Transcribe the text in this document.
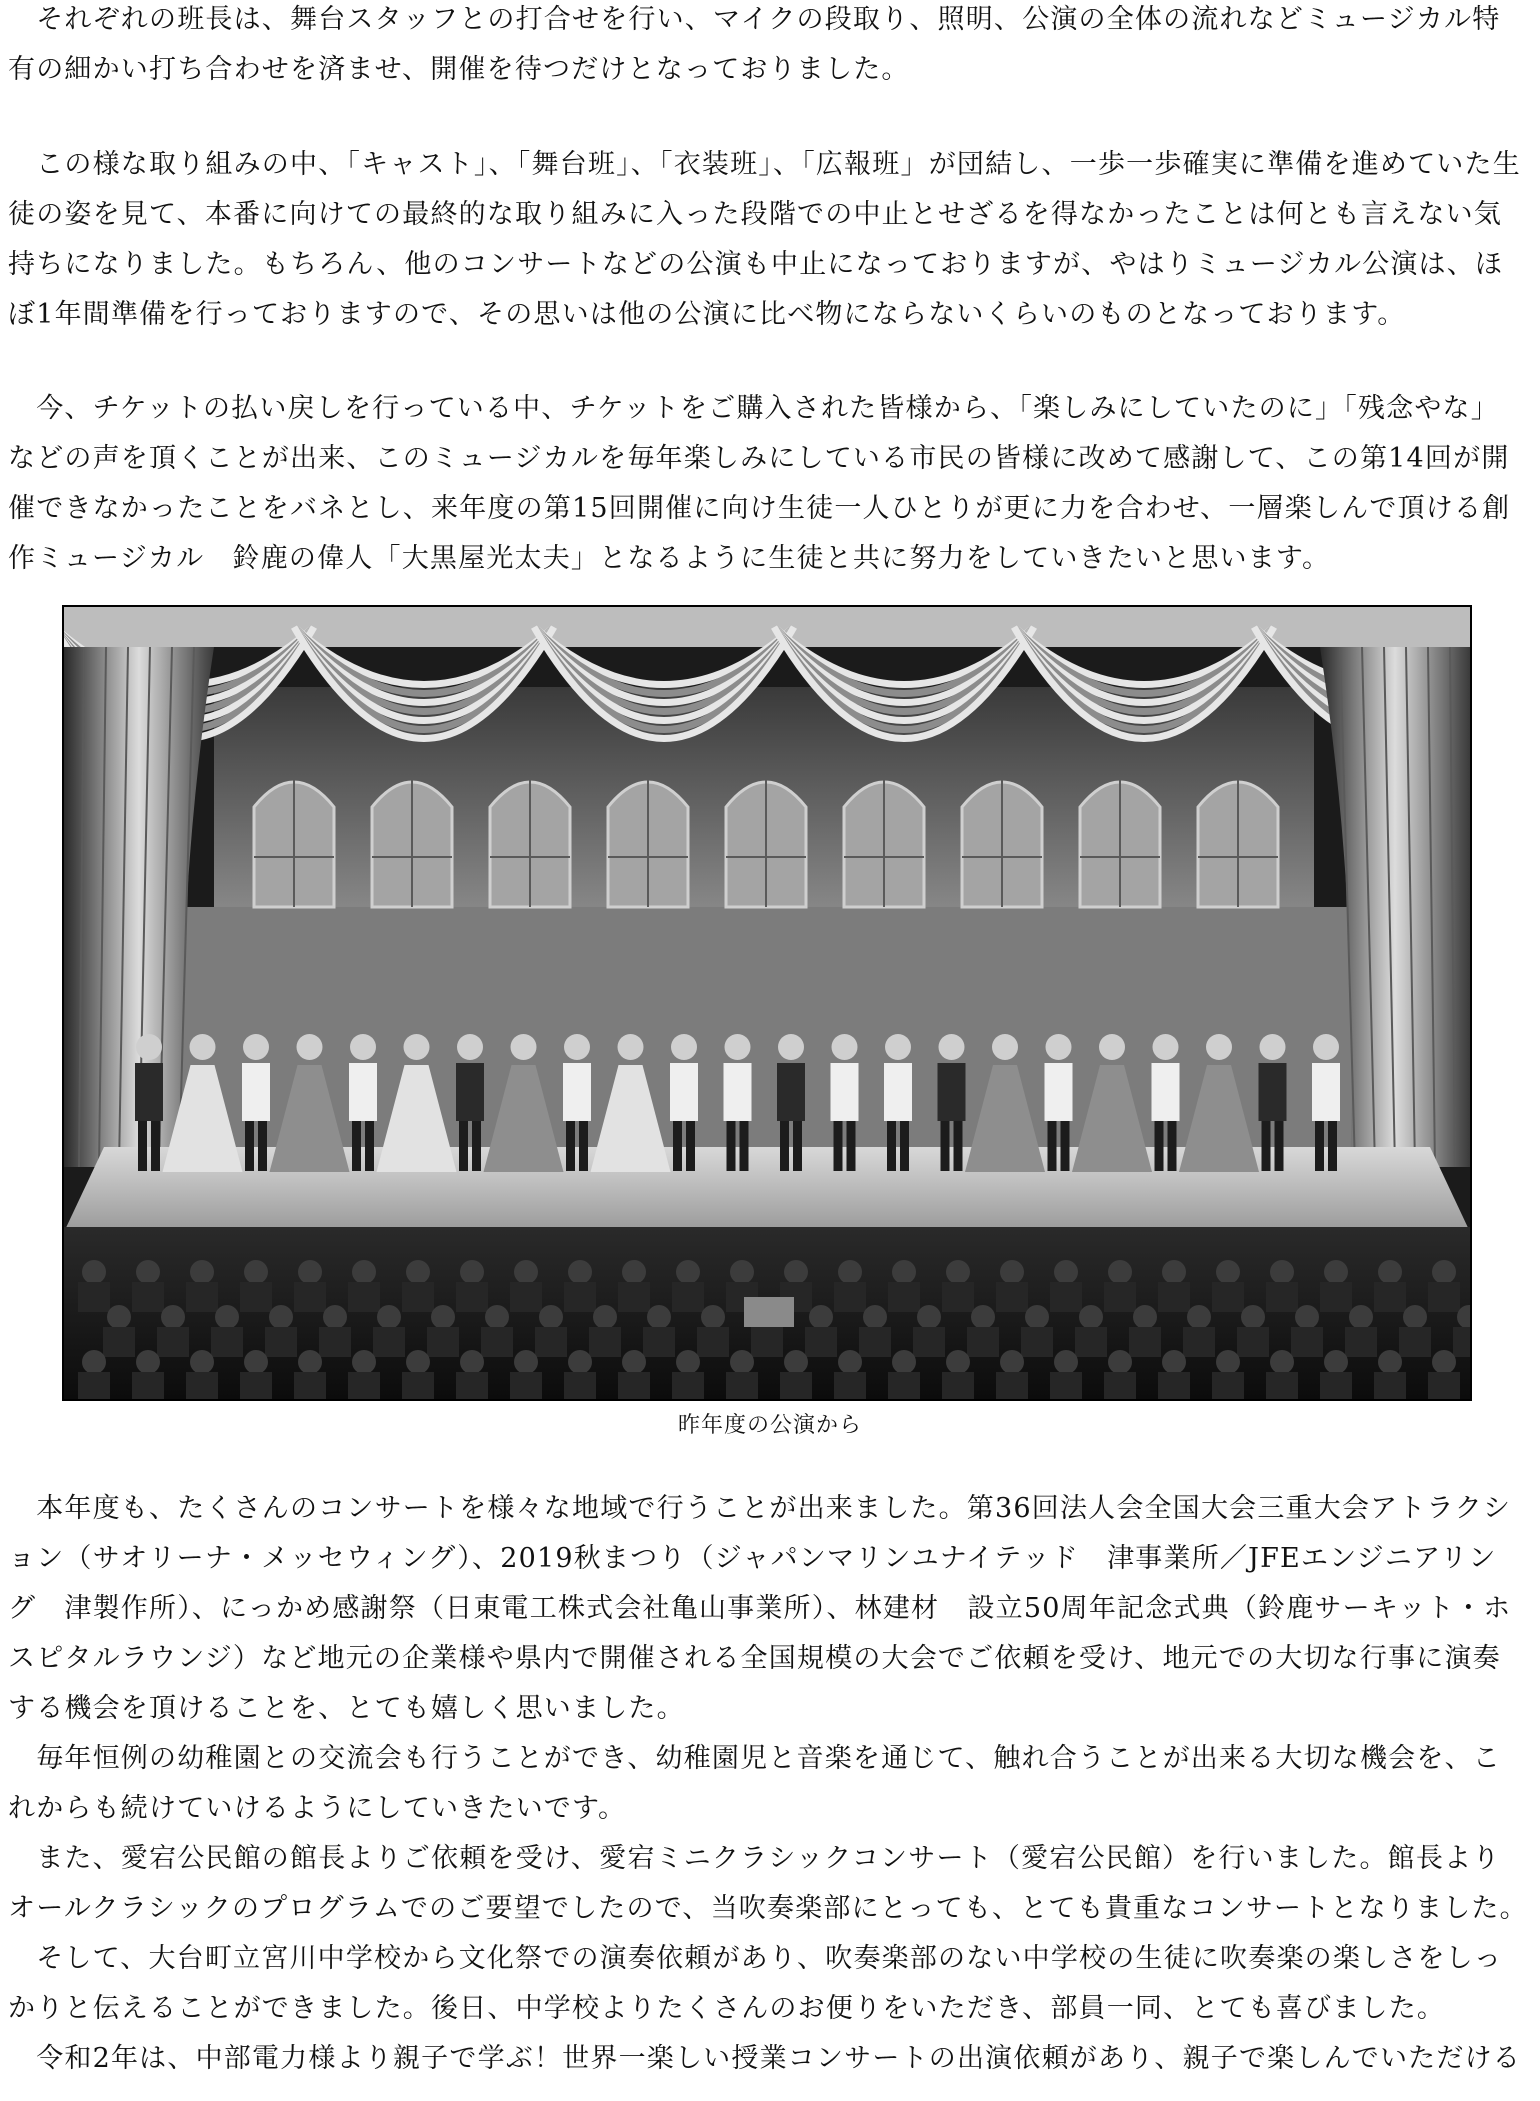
　それぞれの班長は、舞台スタッフとの打合せを行い、マイクの段取り、照明、公演の全体の流れなどミュージカル特
有の細かい打ち合わせを済ませ、開催を待つだけとなっておりました。
　この様な取り組みの中、「キャスト」、「舞台班」、「衣装班」、「広報班」が団結し、一歩一歩確実に準備を進めていた生
徒の姿を見て、本番に向けての最終的な取り組みに入った段階での中止とせざるを得なかったことは何とも言えない気
持ちになりました。もちろん、他のコンサートなどの公演も中止になっておりますが、やはりミュージカル公演は、ほ
ぼ1年間準備を行っておりますので、その思いは他の公演に比べ物にならないくらいのものとなっております。
　今、チケットの払い戻しを行っている中、チケットをご購入された皆様から、「楽しみにしていたのに」「残念やな」
などの声を頂くことが出来、このミュージカルを毎年楽しみにしている市民の皆様に改めて感謝して、この第14回が開
催できなかったことをバネとし、来年度の第15回開催に向け生徒一人ひとりが更に力を合わせ、一層楽しんで頂ける創
作ミュージカル　鈴鹿の偉人「大黒屋光太夫」となるように生徒と共に努力をしていきたいと思います。
昨年度の公演から
　本年度も、たくさんのコンサートを様々な地域で行うことが出来ました。第36回法人会全国大会三重大会アトラクシ
ョン（サオリーナ・メッセウィング）、2019秋まつり（ジャパンマリンユナイテッド　津事業所／JFEエンジニアリン
グ　津製作所）、にっかめ感謝祭（日東電工株式会社亀山事業所）、林建材　設立50周年記念式典（鈴鹿サーキット・ホ
スピタルラウンジ）など地元の企業様や県内で開催される全国規模の大会でご依頼を受け、地元での大切な行事に演奏
する機会を頂けることを、とても嬉しく思いました。
　毎年恒例の幼稚園との交流会も行うことができ、幼稚園児と音楽を通じて、触れ合うことが出来る大切な機会を、こ
れからも続けていけるようにしていきたいです。
　また、愛宕公民館の館長よりご依頼を受け、愛宕ミニクラシックコンサート（愛宕公民館）を行いました。館長より
オールクラシックのプログラムでのご要望でしたので、当吹奏楽部にとっても、とても貴重なコンサートとなりました。
　そして、大台町立宮川中学校から文化祭での演奏依頼があり、吹奏楽部のない中学校の生徒に吹奏楽の楽しさをしっ
かりと伝えることができました。後日、中学校よりたくさんのお便りをいただき、部員一同、とても喜びました。
　令和2年は、中部電力様より親子で学ぶ！世界一楽しい授業コンサートの出演依頼があり、親子で楽しんでいただける
